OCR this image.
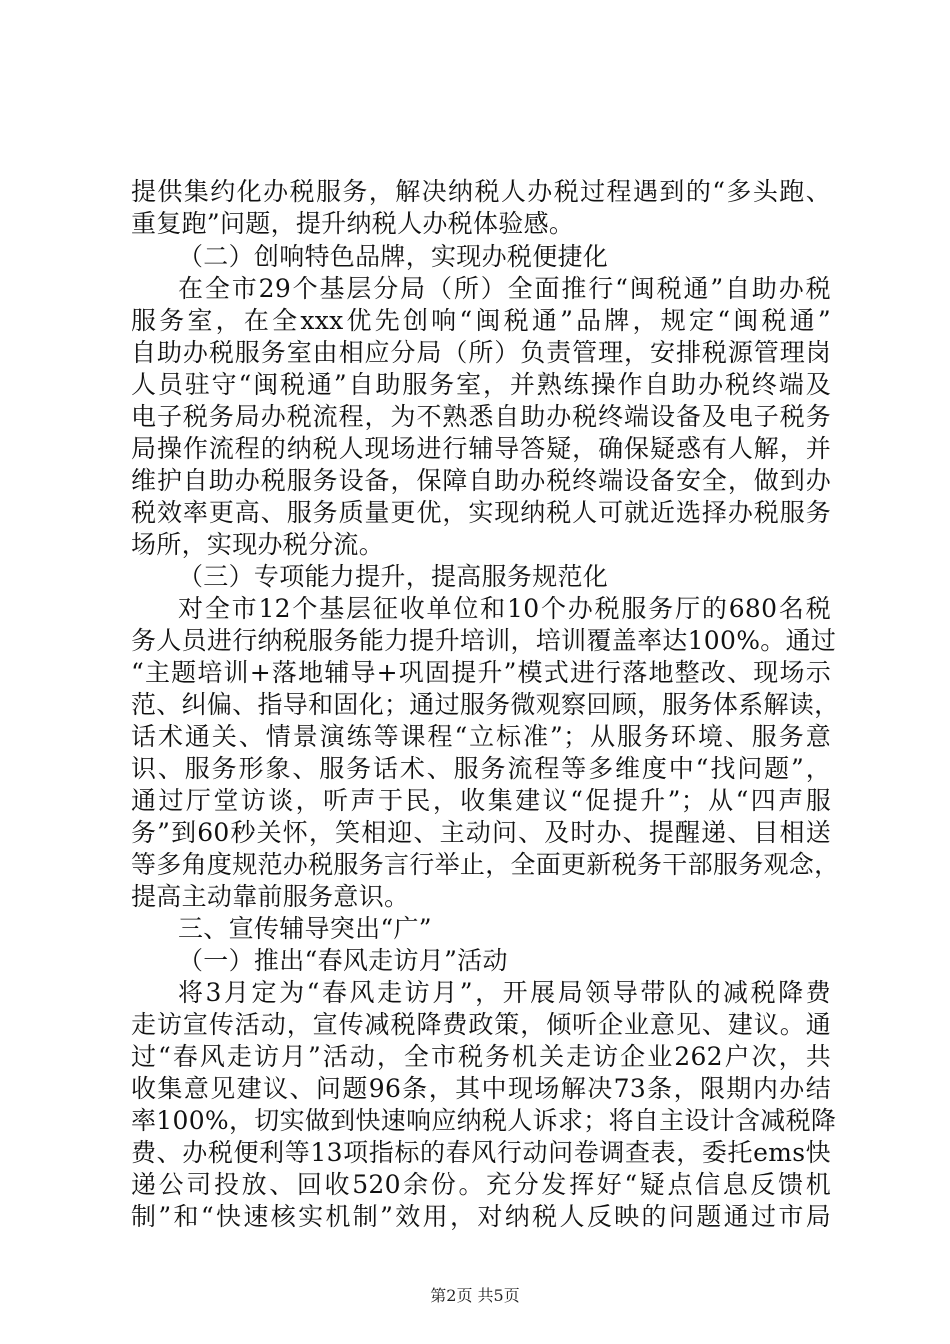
提供集约化办税服务，解决纳税人办税过程遇到的“多头跑、
重复跑”问题，提升纳税人办税体验感。
（二）创响特色品牌，实现办税便捷化
在全市29个基层分局（所）全面推行“闽税通”自助办税
服务室，在全xxx优先创响“闽税通”品牌，规定“闽税通”
自助办税服务室由相应分局（所）负责管理，安排税源管理岗
人员驻守“闽税通”自助服务室，并熟练操作自助办税终端及
电子税务局办税流程，为不熟悉自助办税终端设备及电子税务
局操作流程的纳税人现场进行辅导答疑，确保疑惑有人解，并
维护自助办税服务设备，保障自助办税终端设备安全，做到办
税效率更高、服务质量更优，实现纳税人可就近选择办税服务
场所，实现办税分流。
（三）专项能力提升，提高服务规范化
对全市12个基层征收单位和10个办税服务厅的680名税
务人员进行纳税服务能力提升培训，培训覆盖率达100%。通过
“主题培训+落地辅导+巩固提升”模式进行落地整改、现场示
范、纠偏、指导和固化；通过服务微观察回顾，服务体系解读，
话术通关、情景演练等课程“立标准”；从服务环境、服务意
识、服务形象、服务话术、服务流程等多维度中“找问题”，
通过厅堂访谈，听声于民，收集建议“促提升”；从“四声服
务”到60秒关怀，笑相迎、主动问、及时办、提醒递、目相送
等多角度规范办税服务言行举止，全面更新税务干部服务观念，
提高主动靠前服务意识。
三、宣传辅导突出“广”
（一）推出“春风走访月”活动
将3月定为“春风走访月”，开展局领导带队的减税降费
走访宣传活动，宣传减税降费政策，倾听企业意见、建议。通
过“春风走访月”活动，全市税务机关走访企业262户次，共
收集意见建议、问题96条，其中现场解决73条，限期内办结
率100%，切实做到快速响应纳税人诉求；将自主设计含减税降
费、办税便利等13项指标的春风行动问卷调查表，委托ems快
递公司投放、回收520余份。充分发挥好“疑点信息反馈机
制”和“快速核实机制”效用，对纳税人反映的问题通过市局
第2页 共5页
